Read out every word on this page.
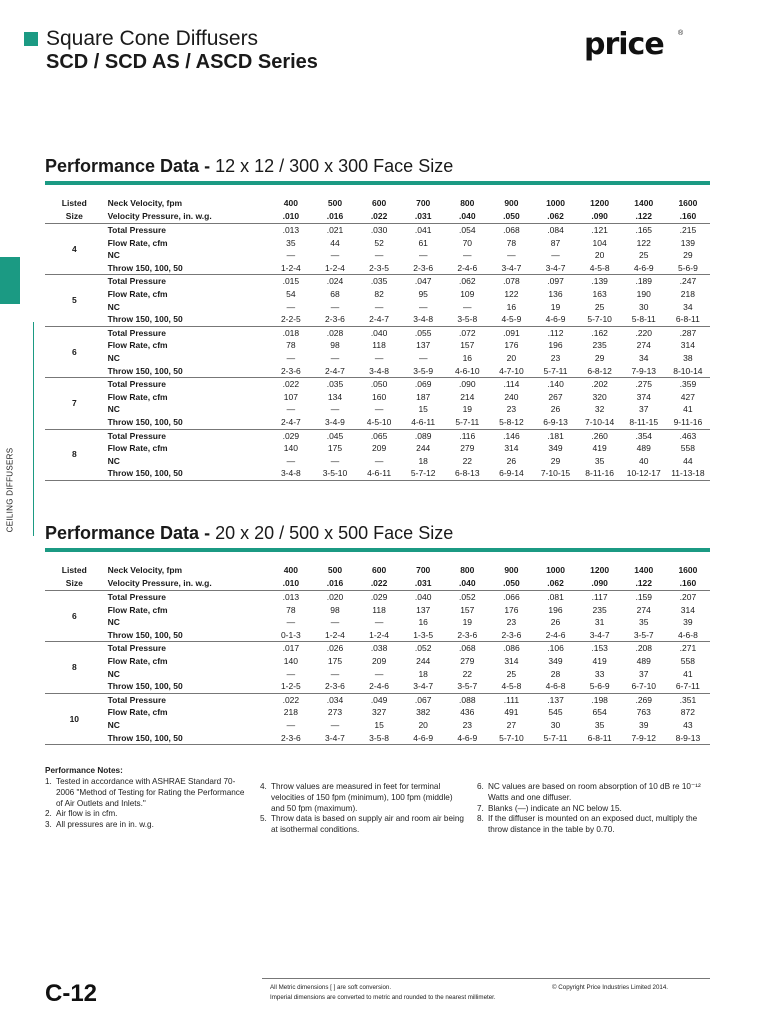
Square Cone Diffusers
SCD / SCD AS / ASCD Series	price ®
CEILING DIFFUSERS
Performance Data - 12 x 12 / 300 x 300 Face Size
Listed	Neck Velocity, fpm	400	500	600	700	800	900	1000	1200	1400	1600
Size	Velocity Pressure, in. w.g.	.010	.016	.022	.031	.040	.050	.062	.090	.122	.160
4	Total Pressure	.013	.021	.030	.041	.054	.068	.084	.121	.165	.215
	Flow Rate, cfm	35	44	52	61	70	78	87	104	122	139
	NC	—	—	—	—	—	—	—	20	25	29
	Throw 150, 100, 50	1-2-4	1-2-4	2-3-5	2-3-6	2-4-6	3-4-7	3-4-7	4-5-8	4-6-9	5-6-9
5	Total Pressure	.015	.024	.035	.047	.062	.078	.097	.139	.189	.247
	Flow Rate, cfm	54	68	82	95	109	122	136	163	190	218
	NC	—	—	—	—	—	16	19	25	30	34
	Throw 150, 100, 50	2-2-5	2-3-6	2-4-7	3-4-8	3-5-8	4-5-9	4-6-9	5-7-10	5-8-11	6-8-11
6	Total Pressure	.018	.028	.040	.055	.072	.091	.112	.162	.220	.287
	Flow Rate, cfm	78	98	118	137	157	176	196	235	274	314
	NC	—	—	—	—	16	20	23	29	34	38
	Throw 150, 100, 50	2-3-6	2-4-7	3-4-8	3-5-9	4-6-10	4-7-10	5-7-11	6-8-12	7-9-13	8-10-14
7	Total Pressure	.022	.035	.050	.069	.090	.114	.140	.202	.275	.359
	Flow Rate, cfm	107	134	160	187	214	240	267	320	374	427
	NC	—	—	—	15	19	23	26	32	37	41
	Throw 150, 100, 50	2-4-7	3-4-9	4-5-10	4-6-11	5-7-11	5-8-12	6-9-13	7-10-14	8-11-15	9-11-16
8	Total Pressure	.029	.045	.065	.089	.116	.146	.181	.260	.354	.463
	Flow Rate, cfm	140	175	209	244	279	314	349	419	489	558
	NC	—	—	—	18	22	26	29	35	40	44
	Throw 150, 100, 50	3-4-8	3-5-10	4-6-11	5-7-12	6-8-13	6-9-14	7-10-15	8-11-16	10-12-17	11-13-18
Performance Data - 20 x 20 / 500 x 500 Face Size
Listed	Neck Velocity, fpm	400	500	600	700	800	900	1000	1200	1400	1600
Size	Velocity Pressure, in. w.g.	.010	.016	.022	.031	.040	.050	.062	.090	.122	.160
6	Total Pressure	.013	.020	.029	.040	.052	.066	.081	.117	.159	.207
	Flow Rate, cfm	78	98	118	137	157	176	196	235	274	314
	NC	—	—	—	16	19	23	26	31	35	39
	Throw 150, 100, 50	0-1-3	1-2-4	1-2-4	1-3-5	2-3-6	2-3-6	2-4-6	3-4-7	3-5-7	4-6-8
8	Total Pressure	.017	.026	.038	.052	.068	.086	.106	.153	.208	.271
	Flow Rate, cfm	140	175	209	244	279	314	349	419	489	558
	NC	—	—	—	18	22	25	28	33	37	41
	Throw 150, 100, 50	1-2-5	2-3-6	2-4-6	3-4-7	3-5-7	4-5-8	4-6-8	5-6-9	6-7-10	6-7-11
10	Total Pressure	.022	.034	.049	.067	.088	.111	.137	.198	.269	.351
	Flow Rate, cfm	218	273	327	382	436	491	545	654	763	872
	NC	—	—	15	20	23	27	30	35	39	43
	Throw 150, 100, 50	2-3-6	3-4-7	3-5-8	4-6-9	4-6-9	5-7-10	5-7-11	6-8-11	7-9-12	8-9-13
Performance Notes:
1. Tested in accordance with ASHRAE Standard 70-2006 "Method of Testing for Rating the Performance of Air Outlets and Inlets."
2. Air flow is in cfm.
3. All pressures are in in. w.g.
4. Throw values are measured in feet for terminal velocities of 150 fpm (minimum), 100 fpm (middle) and 50 fpm (maximum).
5. Throw data is based on supply air and room air being at isothermal conditions.
6. NC values are based on room absorption of 10 dB re 10⁻¹² Watts and one diffuser.
7. Blanks (—) indicate an NC below 15.
8. If the diffuser is mounted on an exposed duct, multiply the throw distance in the table by 0.70.
C-12	All Metric dimensions [ ] are soft conversion.
Imperial dimensions are converted to metric and rounded to the nearest millimeter.
© Copyright Price Industries Limited 2014.
